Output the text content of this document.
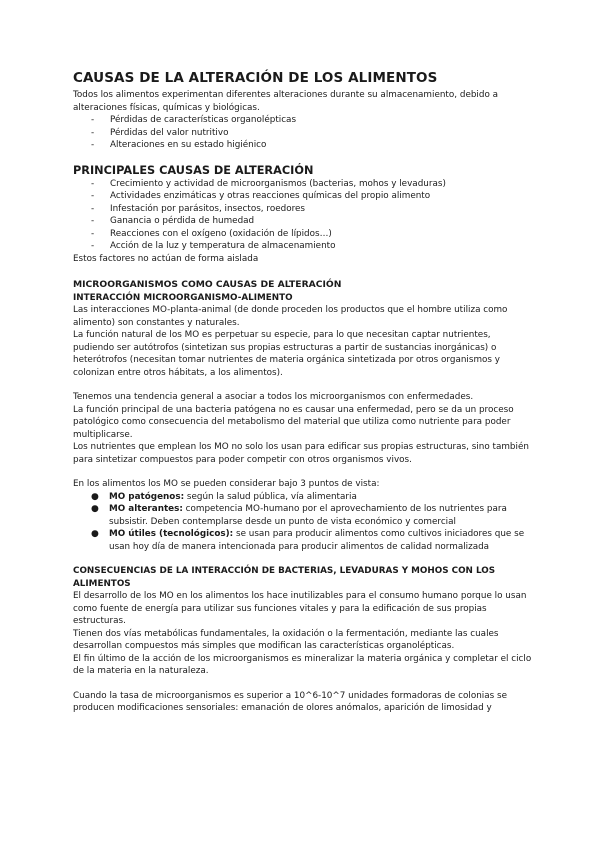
CAUSAS DE LA ALTERACIÓN DE LOS ALIMENTOS

Todos los alimentos experimentan diferentes alteraciones durante su almacenamiento, debido a alteraciones físicas, químicas y biológicas.

- Pérdidas de características organolépticas
- Pérdidas del valor nutritivo
- Alteraciones en su estado higiénico
PRINCIPALES CAUSAS DE ALTERACIÓN
- Crecimiento y actividad de microorganismos (bacterias, mohos y levaduras)
- Actividades enzimáticas y otras reacciones químicas del propio alimento
- Infestación por parásitos, insectos, roedores
- Ganancia o pérdida de humedad
- Reacciones con el oxígeno (oxidación de lípidos…)
- Acción de la luz y temperatura de almacenamiento

Estos factores no actúan de forma aislada

MICROORGANISMOS COMO CAUSAS DE ALTERACIÓN
INTERACCIÓN MICROORGANISMO-ALIMENTO

Las interacciones MO-planta-animal (de donde proceden los productos que el hombre utiliza como alimento) son constantes y naturales.

La función natural de los MO es perpetuar su especie, para lo que necesitan captar nutrientes, pudiendo ser autótrofos (sintetizan sus propias estructuras a partir de sustancias inorgánicas) o heterótrofos (necesitan tomar nutrientes de materia orgánica sintetizada por otros organismos y colonizan entre otros hábitats, a los alimentos).

Tenemos una tendencia general a asociar a todos los microorganismos con enfermedades.

La función principal de una bacteria patógena no es causar una enfermedad, pero se da un proceso patológico como consecuencia del metabolismo del material que utiliza como nutriente para poder multiplicarse.

Los nutrientes que emplean los MO no solo los usan para edificar sus propias estructuras, sino también para sintetizar compuestos para poder competir con otros organismos vivos.

En los alimentos los MO se pueden considerar bajo 3 puntos de vista:

● MO patógenos: según la salud pública, vía alimentaria
● MO alterantes: competencia MO-humano por el aprovechamiento de los nutrientes para subsistir. Deben contemplarse desde un punto de vista económico y comercial
● MO útiles (tecnológicos): se usan para producir alimentos como cultivos iniciadores que se usan hoy día de manera intencionada para producir alimentos de calidad normalizada
CONSECUENCIAS DE LA INTERACCIÓN DE BACTERIAS, LEVADURAS Y MOHOS CON LOS ALIMENTOS

El desarrollo de los MO en los alimentos los hace inutilizables para el consumo humano porque lo usan como fuente de energía para utilizar sus funciones vitales y para la edificación de sus propias estructuras.

Tienen dos vías metabólicas fundamentales, la oxidación o la fermentación, mediante las cuales desarrollan compuestos más simples que modifican las características organolépticas.

El fin último de la acción de los microorganismos es mineralizar la materia orgánica y completar el ciclo de la materia en la naturaleza.

Cuando la tasa de microorganismos es superior a 10^6-10^7 unidades formadoras de colonias se producen modificaciones sensoriales: emanación de olores anómalos, aparición de limosidad y
